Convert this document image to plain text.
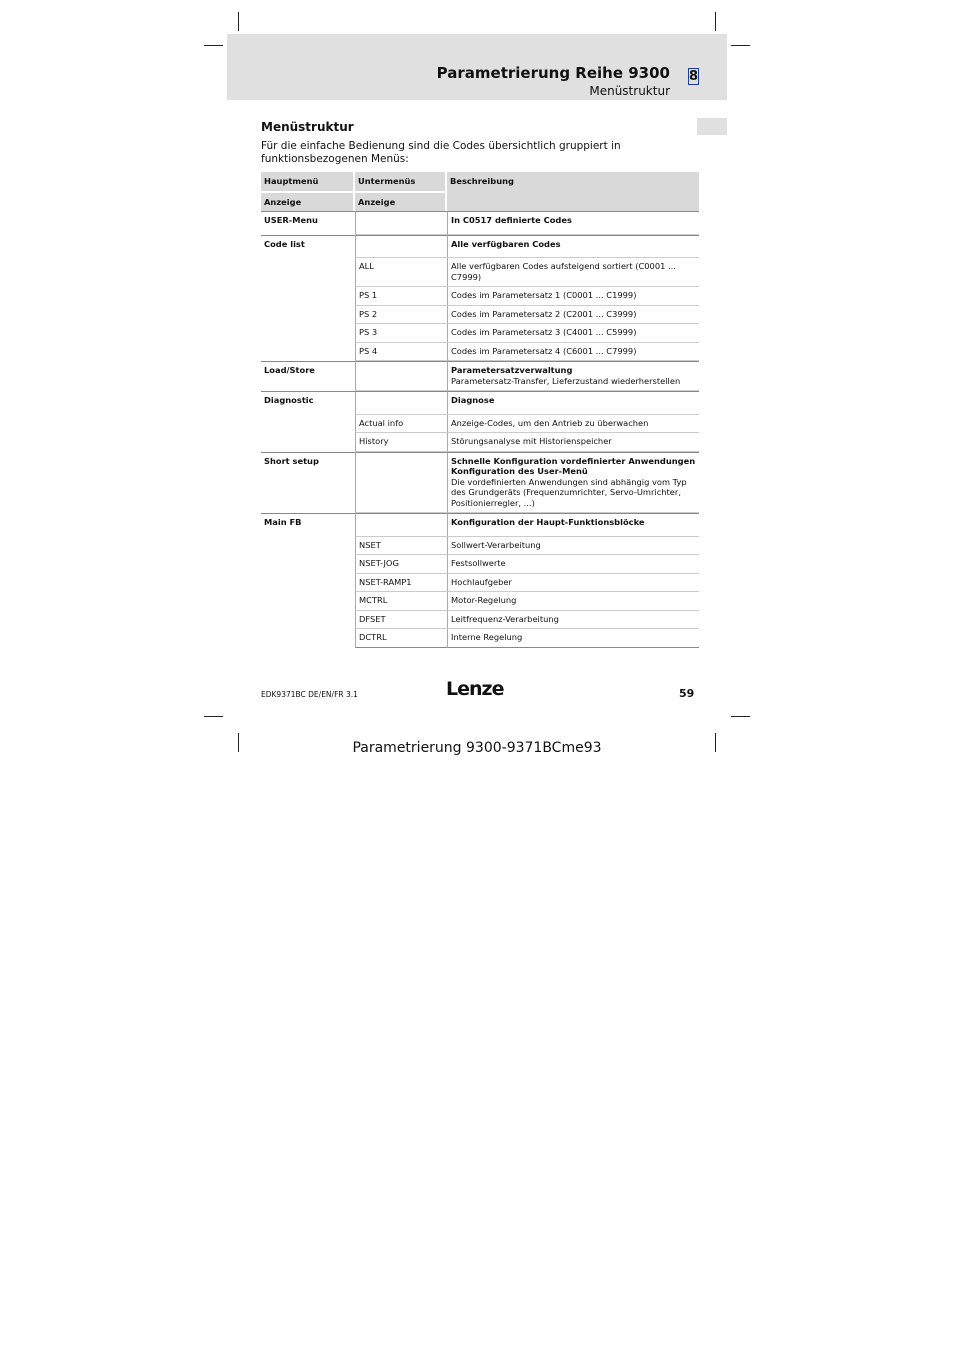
Parametrierung Reihe 9300 8
Menüstruktur
Menüstruktur
Für die einfache Bedienung sind die Codes übersichtlich gruppiert in funktionsbezogenen Menüs:
Hauptmenü	Untermenüs	Beschreibung
Anzeige	Anzeige	
USER-Menu		In C0517 definierte Codes

Code list		Alle verfügbaren Codes

	ALL	Alle verfügbaren Codes aufsteigend sortiert (C0001 ... C7999)

	PS 1	Codes im Parametersatz 1 (C0001 ... C1999)

	PS 2	Codes im Parametersatz 2 (C2001 ... C3999)

	PS 3	Codes im Parametersatz 3 (C4001 ... C5999)

	PS 4	Codes im Parametersatz 4 (C6001 ... C7999)

Load/Store		Parametersatzverwaltung
Parametersatz-Transfer, Lieferzustand wiederherstellen

Diagnostic		Diagnose

	Actual info	Anzeige-Codes, um den Antrieb zu überwachen

	History	Störungsanalyse mit Historienspeicher

Short setup		Schnelle Konfiguration vordefinierter Anwendungen
Konfiguration des User-Menü
Die vordefinierten Anwendungen sind abhängig vom Typ des Grundgeräts (Frequenzumrichter, Servo-Umrichter, Positionierregler, ...)

Main FB		Konfiguration der Haupt-Funktionsblöcke

	NSET	Sollwert-Verarbeitung

	NSET-JOG	Festsollwerte

	NSET-RAMP1	Hochlaufgeber

	MCTRL	Motor-Regelung

	DFSET	Leitfrequenz-Verarbeitung

	DCTRL	Interne Regelung
EDK9371BC DE/EN/FR 3.1	Lenze	59
Parametrierung 9300-9371BCme93
